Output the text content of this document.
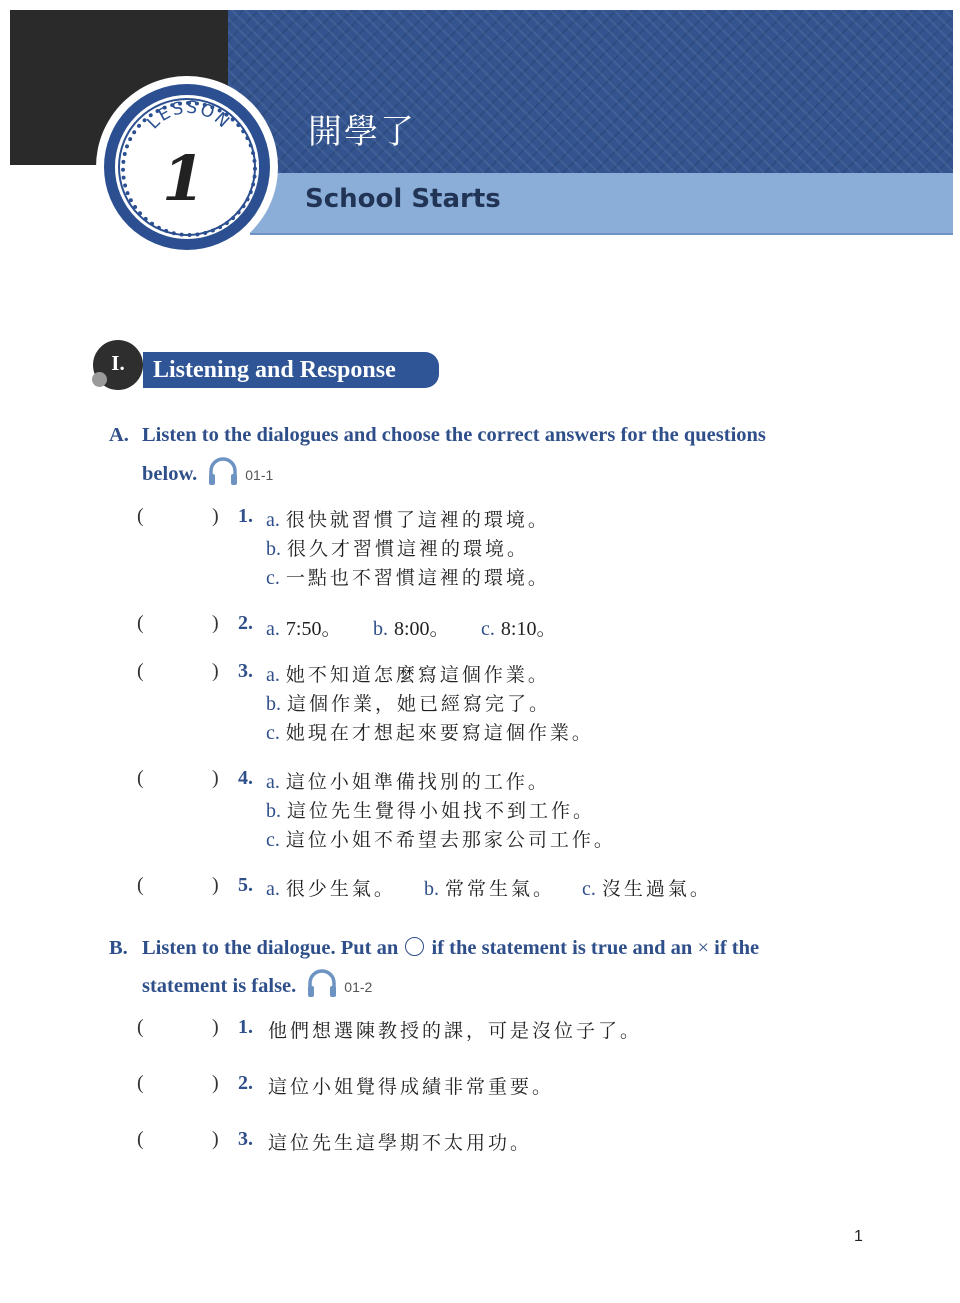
開學了
School Starts
LESSON
1
Listening and Response
I.
A. Listen to the dialogues and choose the correct answers for the questions
below.	01-1
(	) 1. a. 很快就習慣了這裡的環境。
b. 很久才習慣這裡的環境。
c. 一點也不習慣這裡的環境。
(	) 2. a. 7:50。 b. 8:00。 c. 8:10。
(	) 3. a. 她不知道怎麼寫這個作業。
b. 這個作業，她已經寫完了。
c. 她現在才想起來要寫這個作業。
(	) 4. a. 這位小姐準備找別的工作。
b. 這位先生覺得小姐找不到工作。
c. 這位小姐不希望去那家公司工作。
(	) 5. a. 很少生氣。 b. 常常生氣。 c. 沒生過氣。
B. Listen to the dialogue. Put an if the statement is true and an × if the
statement is false.	01-2
(	) 1. 他們想選陳教授的課，可是沒位子了。
(	) 2. 這位小姐覺得成績非常重要。
(	) 3. 這位先生這學期不太用功。
1
